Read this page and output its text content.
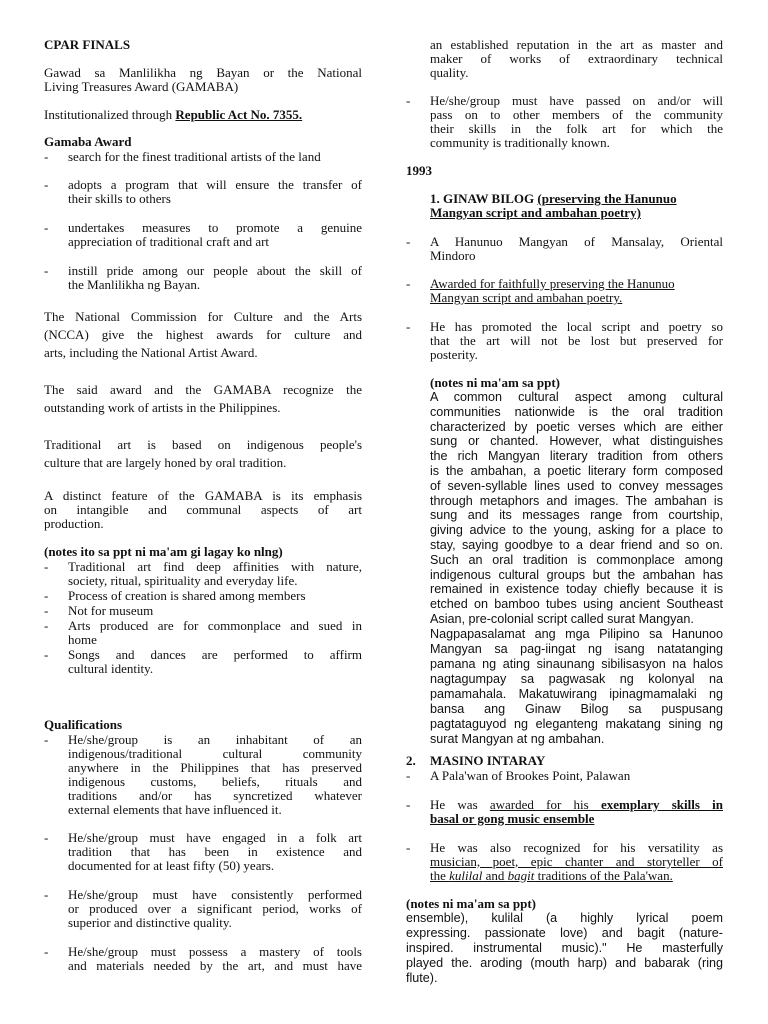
CPAR FINALS
Gawad sa Manlilikha ng Bayan or the National
Living Treasures Award (GAMABA)
Institutionalized through Republic Act No. 7355.
Gamaba Award
- search for the finest traditional artists of the land
- adopts a program that will ensure the transfer of
their skills to others
- undertakes measures to promote a genuine
appreciation of traditional craft and art
- instill pride among our people about the skill of
the Manlilikha ng Bayan.
The National Commission for Culture and the Arts
(NCCA) give the highest awards for culture and
arts, including the National Artist Award.
The said award and the GAMABA recognize the
outstanding work of artists in the Philippines.
Traditional art is based on indigenous people's
culture that are largely honed by oral tradition.
A distinct feature of the GAMABA is its emphasis
on intangible and communal aspects of art
production.
(notes ito sa ppt ni ma'am gi lagay ko nlng)
- Traditional art find deep affinities with nature,
society, ritual, spirituality and everyday life.
- Process of creation is shared among members
- Not for museum
- Arts produced are for commonplace and sued in
home
- Songs and dances are performed to affirm
cultural identity.
Qualifications
- He/she/group is an inhabitant of an
indigenous/traditional cultural community
anywhere in the Philippines that has preserved
indigenous customs, beliefs, rituals and
traditions and/or has syncretized whatever
external elements that have influenced it.
- He/she/group must have engaged in a folk art
tradition that has been in existence and
documented for at least fifty (50) years.
- He/she/group must have consistently performed
or produced over a significant period, works of
superior and distinctive quality.
- He/she/group must possess a mastery of tools
and materials needed by the art, and must have
an established reputation in the art as master and
maker of works of extraordinary technical
quality.
- He/she/group must have passed on and/or will
pass on to other members of the community
their skills in the folk art for which the
community is traditionally known.
1993
1. GINAW BILOG (preserving the Hanunuo
Mangyan script and ambahan poetry)
- A Hanunuo Mangyan of Mansalay, Oriental
Mindoro
- Awarded for faithfully preserving the Hanunuo
Mangyan script and ambahan poetry.
- He has promoted the local script and poetry so
that the art will not be lost but preserved for
posterity.
(notes ni ma'am sa ppt)
A common cultural aspect among cultural
communities nationwide is the oral tradition
characterized by poetic verses which are either
sung or chanted. However, what distinguishes
the rich Mangyan literary tradition from others
is the ambahan, a poetic literary form composed
of seven-syllable lines used to convey messages
through metaphors and images. The ambahan is
sung and its messages range from courtship,
giving advice to the young, asking for a place to
stay, saying goodbye to a dear friend and so on.
Such an oral tradition is commonplace among
indigenous cultural groups but the ambahan has
remained in existence today chiefly because it is
etched on bamboo tubes using ancient Southeast
Asian, pre-colonial script called surat Mangyan.
Nagpapasalamat ang mga Pilipino sa Hanunoo
Mangyan sa pag-iingat ng isang natatanging
pamana ng ating sinaunang sibilisasyon na halos
nagtagumpay sa pagwasak ng kolonyal na
pamamahala. Makatuwirang ipinagmamalaki ng
bansa ang Ginaw Bilog sa puspusang
pagtataguyod ng eleganteng makatang sining ng
surat Mangyan at ng ambahan.
2. MASINO INTARAY
- A Pala'wan of Brookes Point, Palawan
- He was awarded for his exemplary skills in
basal or gong music ensemble
- He was also recognized for his versatility as
musician, poet, epic chanter and storyteller of
the kulilal and bagit traditions of the Pala'wan.
(notes ni ma'am sa ppt)
ensemble), kulilal (a highly lyrical poem
expressing. passionate love) and bagit (nature-
inspired. instrumental music)." He masterfully
played the. aroding (mouth harp) and babarak (ring
flute).
